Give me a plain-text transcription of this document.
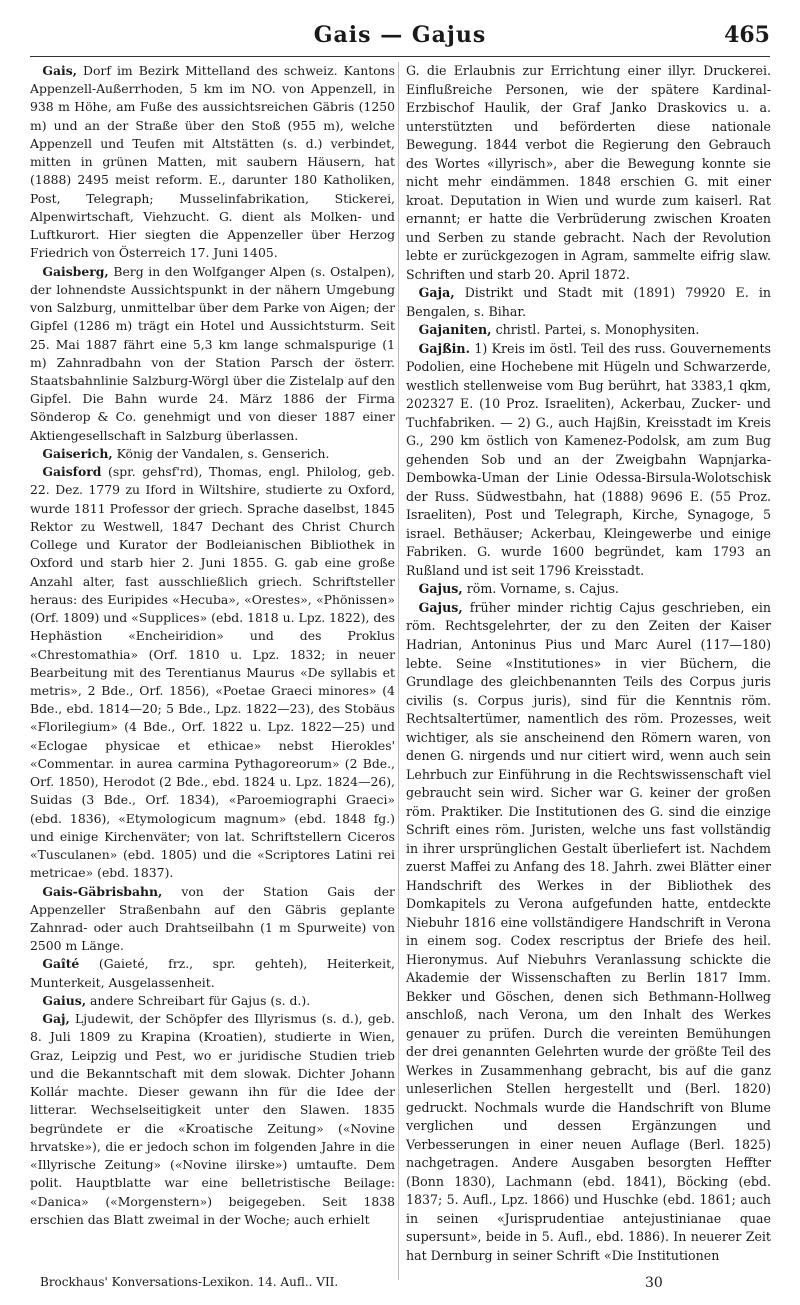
Gais — Gajus	465

Gais, Dorf im Bezirk Mittelland des schweiz. Kantons Appenzell-Außerrhoden, 5 km im NO. von Appenzell, in 938 m Höhe, am Fuße des aussichtsreichen Gäbris (1250 m) und an der Straße über den Stoß (955 m), welche Appenzell und Teufen mit Altstätten (s. d.) verbindet, mitten in grünen Matten, mit saubern Häusern, hat (1888) 2495 meist reform. E., darunter 180 Katholiken, Post, Telegraph; Musselinfabrikation, Stickerei, Alpenwirtschaft, Viehzucht. G. dient als Molken- und Luftkurort. Hier siegten die Appenzeller über Herzog Friedrich von Österreich 17. Juni 1405.

Gaisberg, Berg in den Wolfganger Alpen (s. Ostalpen), der lohnendste Aussichtspunkt in der nähern Umgebung von Salzburg, unmittelbar über dem Parke von Aigen; der Gipfel (1286 m) trägt ein Hotel und Aussichtsturm. Seit 25. Mai 1887 fährt eine 5,3 km lange schmalspurige (1 m) Zahnradbahn von der Station Parsch der österr. Staatsbahnlinie Salzburg-Wörgl über die Zistelalp auf den Gipfel. Die Bahn wurde 24. März 1886 der Firma Sönderop & Co. genehmigt und von dieser 1887 einer Aktiengesellschaft in Salzburg überlassen.

Gaiserich, König der Vandalen, s. Genserich.

Gaisford (spr. gehsf'rd), Thomas, engl. Philolog, geb. 22. Dez. 1779 zu Iford in Wiltshire, studierte zu Oxford, wurde 1811 Professor der griech. Sprache daselbst, 1845 Rektor zu Westwell, 1847 Dechant des Christ Church College und Kurator der Bodleianischen Bibliothek in Oxford und starb hier 2. Juni 1855. G. gab eine große Anzahl alter, fast ausschließlich griech. Schriftsteller heraus: des Euripides «Hecuba», «Orestes», «Phönissen» (Orf. 1809) und «Supplices» (ebd. 1818 u. Lpz. 1822), des Hephästion «Encheiridion» und des Proklus «Chrestomathia» (Orf. 1810 u. Lpz. 1832; in neuer Bearbeitung mit des Terentianus Maurus «De syllabis et metris», 2 Bde., Orf. 1856), «Poetae Graeci minores» (4 Bde., ebd. 1814—20; 5 Bde., Lpz. 1822—23), des Stobäus «Florilegium» (4 Bde., Orf. 1822 u. Lpz. 1822—25) und «Eclogae physicae et ethicae» nebst Hierokles' «Commentar. in aurea carmina Pythagoreorum» (2 Bde., Orf. 1850), Herodot (2 Bde., ebd. 1824 u. Lpz. 1824—26), Suidas (3 Bde., Orf. 1834), «Paroemiographi Graeci» (ebd. 1836), «Etymologicum magnum» (ebd. 1848 fg.) und einige Kirchenväter; von lat. Schriftstellern Ciceros «Tusculanen» (ebd. 1805) und die «Scriptores Latini rei metricae» (ebd. 1837).

Gais-Gäbrisbahn, von der Station Gais der Appenzeller Straßenbahn auf den Gäbris geplante Zahnrad- oder auch Drahtseilbahn (1 m Spurweite) von 2500 m Länge.

Gaîté (Gaieté, frz., spr. gehteh), Heiterkeit, Munterkeit, Ausgelassenheit.

Gaius, andere Schreibart für Gajus (s. d.).

Gaj, Ljudewit, der Schöpfer des Illyrismus (s. d.), geb. 8. Juli 1809 zu Krapina (Kroatien), studierte in Wien, Graz, Leipzig und Pest, wo er juridische Studien trieb und die Bekanntschaft mit dem slowak. Dichter Johann Kollár machte. Dieser gewann ihn für die Idee der litterar. Wechselseitigkeit unter den Slawen. 1835 begründete er die «Kroatische Zeitung» («Novine hrvatske»), die er jedoch schon im folgenden Jahre in die «Illyrische Zeitung» («Novine ilirske») umtaufte. Dem polit. Hauptblatte war eine belletristische Beilage: «Danica» («Morgenstern») beigegeben. Seit 1838 erschien das Blatt zweimal in der Woche; auch erhielt

G. die Erlaubnis zur Errichtung einer illyr. Druckerei. Einflußreiche Personen, wie der spätere Kardinal-Erzbischof Haulik, der Graf Janko Draskovics u. a. unterstützten und beförderten diese nationale Bewegung. 1844 verbot die Regierung den Gebrauch des Wortes «illyrisch», aber die Bewegung konnte sie nicht mehr eindämmen. 1848 erschien G. mit einer kroat. Deputation in Wien und wurde zum kaiserl. Rat ernannt; er hatte die Verbrüderung zwischen Kroaten und Serben zu stande gebracht. Nach der Revolution lebte er zurückgezogen in Agram, sammelte eifrig slaw. Schriften und starb 20. April 1872.

Gaja, Distrikt und Stadt mit (1891) 79920 E. in Bengalen, s. Bihar.

Gajaniten, christl. Partei, s. Monophysiten.

Gajßin. 1) Kreis im östl. Teil des russ. Gouvernements Podolien, eine Hochebene mit Hügeln und Schwarzerde, westlich stellenweise vom Bug berührt, hat 3383,1 qkm, 202327 E. (10 Proz. Israeliten), Ackerbau, Zucker- und Tuchfabriken. — 2) G., auch Hajßin, Kreisstadt im Kreis G., 290 km östlich von Kamenez-Podolsk, am zum Bug gehenden Sob und an der Zweigbahn Wapnjarka-Dembowka-Uman der Linie Odessa-Birsula-Wolotschisk der Russ. Südwestbahn, hat (1888) 9696 E. (55 Proz. Israeliten), Post und Telegraph, Kirche, Synagoge, 5 israel. Bethäuser; Ackerbau, Kleingewerbe und einige Fabriken. G. wurde 1600 begründet, kam 1793 an Rußland und ist seit 1796 Kreisstadt.

Gajus, röm. Vorname, s. Cajus.

Gajus, früher minder richtig Cajus geschrieben, ein röm. Rechtsgelehrter, der zu den Zeiten der Kaiser Hadrian, Antoninus Pius und Marc Aurel (117—180) lebte. Seine «Institutiones» in vier Büchern, die Grundlage des gleichbenannten Teils des Corpus juris civilis (s. Corpus juris), sind für die Kenntnis röm. Rechtsaltertümer, namentlich des röm. Prozesses, weit wichtiger, als sie anscheinend den Römern waren, von denen G. nirgends und nur citiert wird, wenn auch sein Lehrbuch zur Einführung in die Rechtswissenschaft viel gebraucht sein wird. Sicher war G. keiner der großen röm. Praktiker. Die Institutionen des G. sind die einzige Schrift eines röm. Juristen, welche uns fast vollständig in ihrer ursprünglichen Gestalt überliefert ist. Nachdem zuerst Maffei zu Anfang des 18. Jahrh. zwei Blätter einer Handschrift des Werkes in der Bibliothek des Domkapitels zu Verona aufgefunden hatte, entdeckte Niebuhr 1816 eine vollständigere Handschrift in Verona in einem sog. Codex rescriptus der Briefe des heil. Hieronymus. Auf Niebuhrs Veranlassung schickte die Akademie der Wissenschaften zu Berlin 1817 Imm. Bekker und Göschen, denen sich Bethmann-Hollweg anschloß, nach Verona, um den Inhalt des Werkes genauer zu prüfen. Durch die vereinten Bemühungen der drei genannten Gelehrten wurde der größte Teil des Werkes in Zusammenhang gebracht, bis auf die ganz unleserlichen Stellen hergestellt und (Berl. 1820) gedruckt. Nochmals wurde die Handschrift von Blume verglichen und dessen Ergänzungen und Verbesserungen in einer neuen Auflage (Berl. 1825) nachgetragen. Andere Ausgaben besorgten Heffter (Bonn 1830), Lachmann (ebd. 1841), Böcking (ebd. 1837; 5. Aufl., Lpz. 1866) und Huschke (ebd. 1861; auch in seinen «Jurisprudentiae antejustinianae quae supersunt», beide in 5. Aufl., ebd. 1886). In neuerer Zeit hat Dernburg in seiner Schrift «Die Institutionen

Brockhaus' Konversations-Lexikon. 14. Aufl.. VII.	30
